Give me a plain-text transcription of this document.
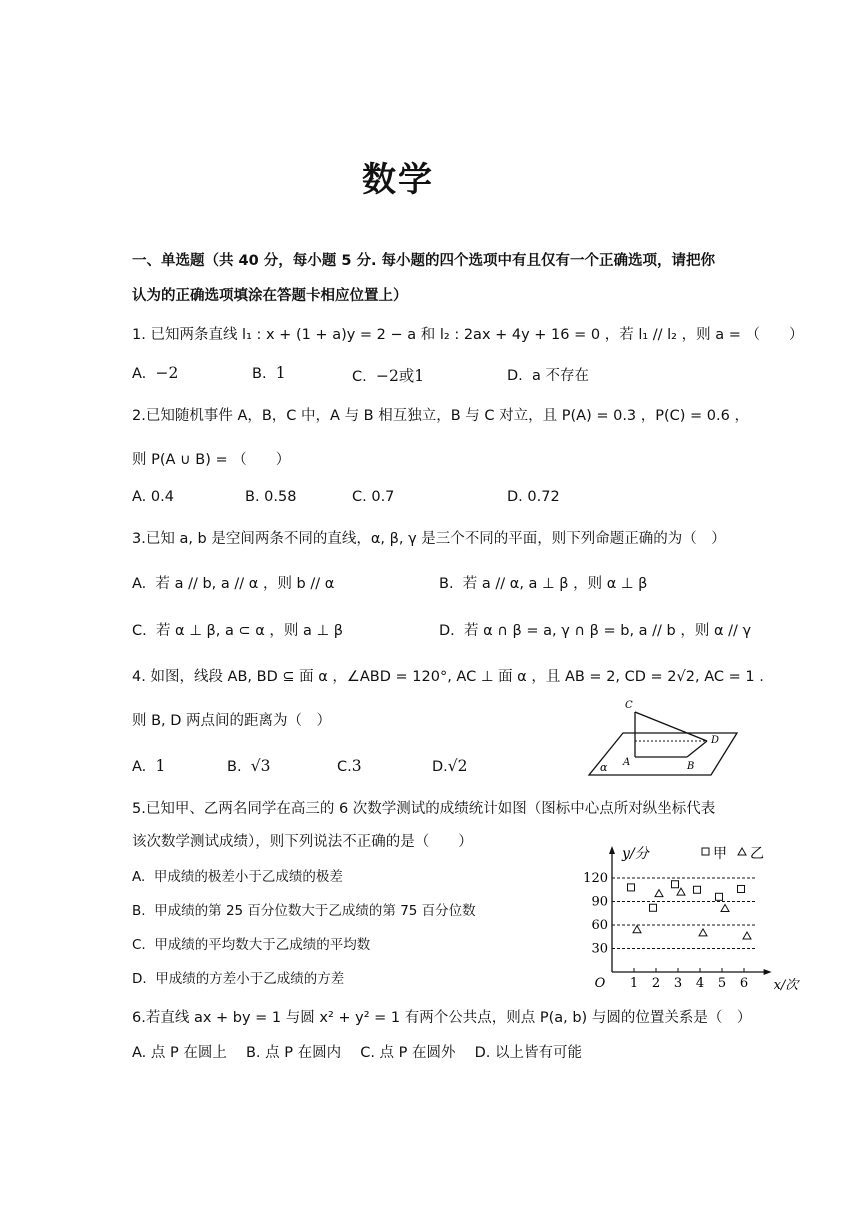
数学
一、单选题（共 40 分，每小题 5 分. 每小题的四个选项中有且仅有一个正确选项，请把你
认为的正确选项填涂在答题卡相应位置上）
1. 已知两条直线 l₁ : x + (1 + a)y = 2 − a 和 l₂ : 2ax + 4y + 16 = 0 ，若 l₁ // l₂ ，则 a = （　　）
A. −2	B. 1	C. −2或1	D. a 不存在
2.已知随机事件 A，B，C 中，A 与 B 相互独立，B 与 C 对立，且 P(A) = 0.3 ，P(C) = 0.6 ，
则 P(A ∪ B) = （　　）
A. 0.4	B. 0.58	C. 0.7	D. 0.72
3.已知 a, b 是空间两条不同的直线，α, β, γ 是三个不同的平面，则下列命题正确的为（　）
A. 若 a // b, a // α ，则 b // α	B. 若 a // α, a ⊥ β ，则 α ⊥ β
C. 若 α ⊥ β, a ⊂ α ，则 a ⊥ β	D. 若 α ∩ β = a, γ ∩ β = b, a // b ，则 α // γ
4. 如图，线段 AB, BD ⊆ 面 α ，∠ABD = 120°, AC ⊥ 面 α ，且 AB = 2, CD = 2√2, AC = 1 .
则 B, D 两点间的距离为（　）
A. 1	B. √3	C.3	D.√2
C
D
A	B
α
5.已知甲、乙两名同学在高三的 6 次数学测试的成绩统计如图（图标中心点所对纵坐标代表
该次数学测试成绩），则下列说法不正确的是（　　）
A. 甲成绩的极差小于乙成绩的极差
B. 甲成绩的第 25 百分位数大于乙成绩的第 75 百分位数
C. 甲成绩的平均数大于乙成绩的平均数
D. 甲成绩的方差小于乙成绩的方差
30
60
90
120
1 2 3 4 5 6
O
y/分
x/次
甲 乙
6.若直线 ax + by = 1 与圆 x² + y² = 1 有两个公共点，则点 P(a, b) 与圆的位置关系是（　）
A. 点 P 在圆上　 B. 点 P 在圆内　 C. 点 P 在圆外　 D. 以上皆有可能
